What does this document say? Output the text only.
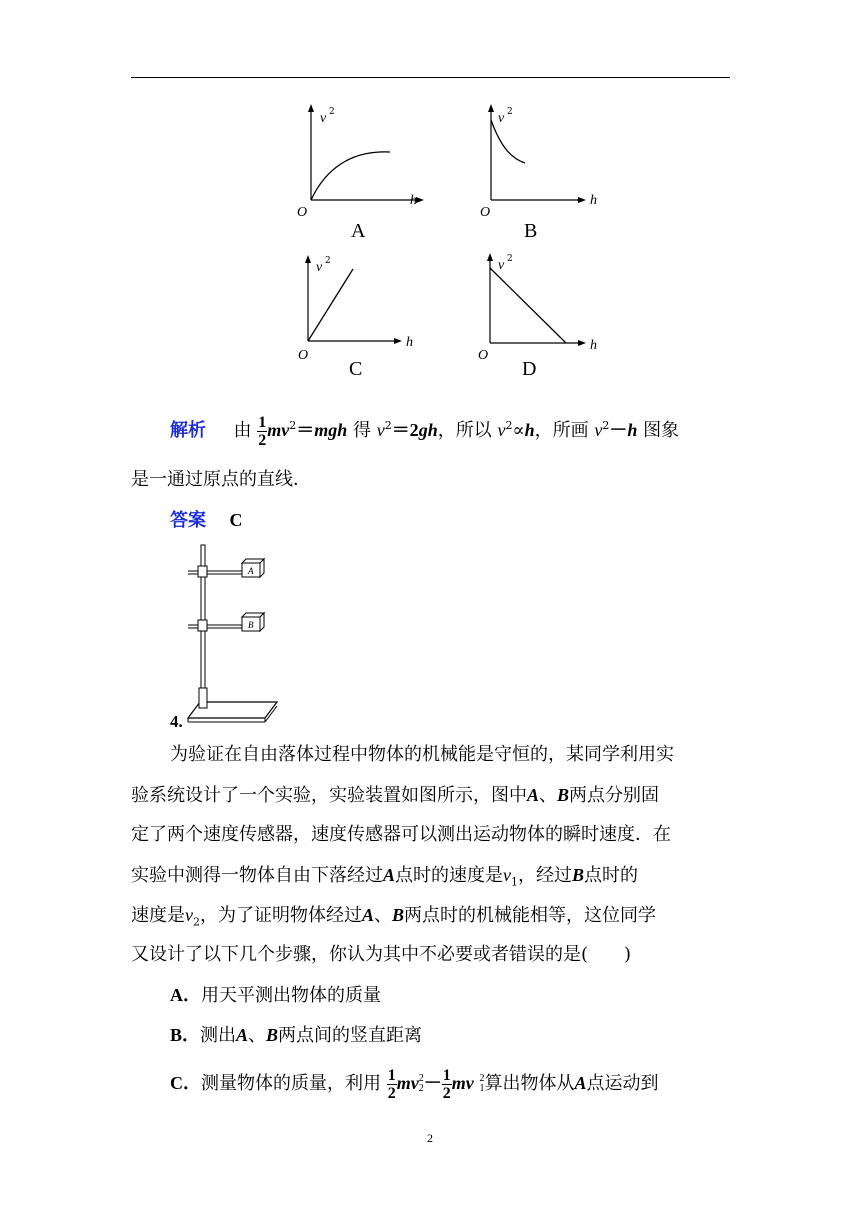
v 2
h
O
A
v 2
h
O
B
v 2
h
O
C
v 2
h
O
D
解析 由 $\frac{1}{2} mv^2=mgh$ 得 $v^2=2gh$，所以 $v^2\propto h$，所画 $v^2-h$ 图象
是一通过原点的直线．
答案 C
A
B
4.
为验证在自由落体过程中物体的机械能是守恒的，某同学利用实
验系统设计了一个实验，实验装置如图所示，图中A、B两点分别固
定了两个速度传感器，速度传感器可以测出运动物体的瞬时速度．在
实验中测得一物体自由下落经过A点时的速度是$v_1$，经过B点时的
速度是$v_2$，为了证明物体经过A、B两点时的机械能相等，这位同学
又设计了以下几个步骤，你认为其中不必要或者错误的是(　　)
A．用天平测出物体的质量
B．测出A、B两点间的竖直距离
C．测量物体的质量，利用 $\frac{1}{2}$ mv 2
$2 - \frac{1}{2}$ mv 2
1 算出物体从A点运动到
2
